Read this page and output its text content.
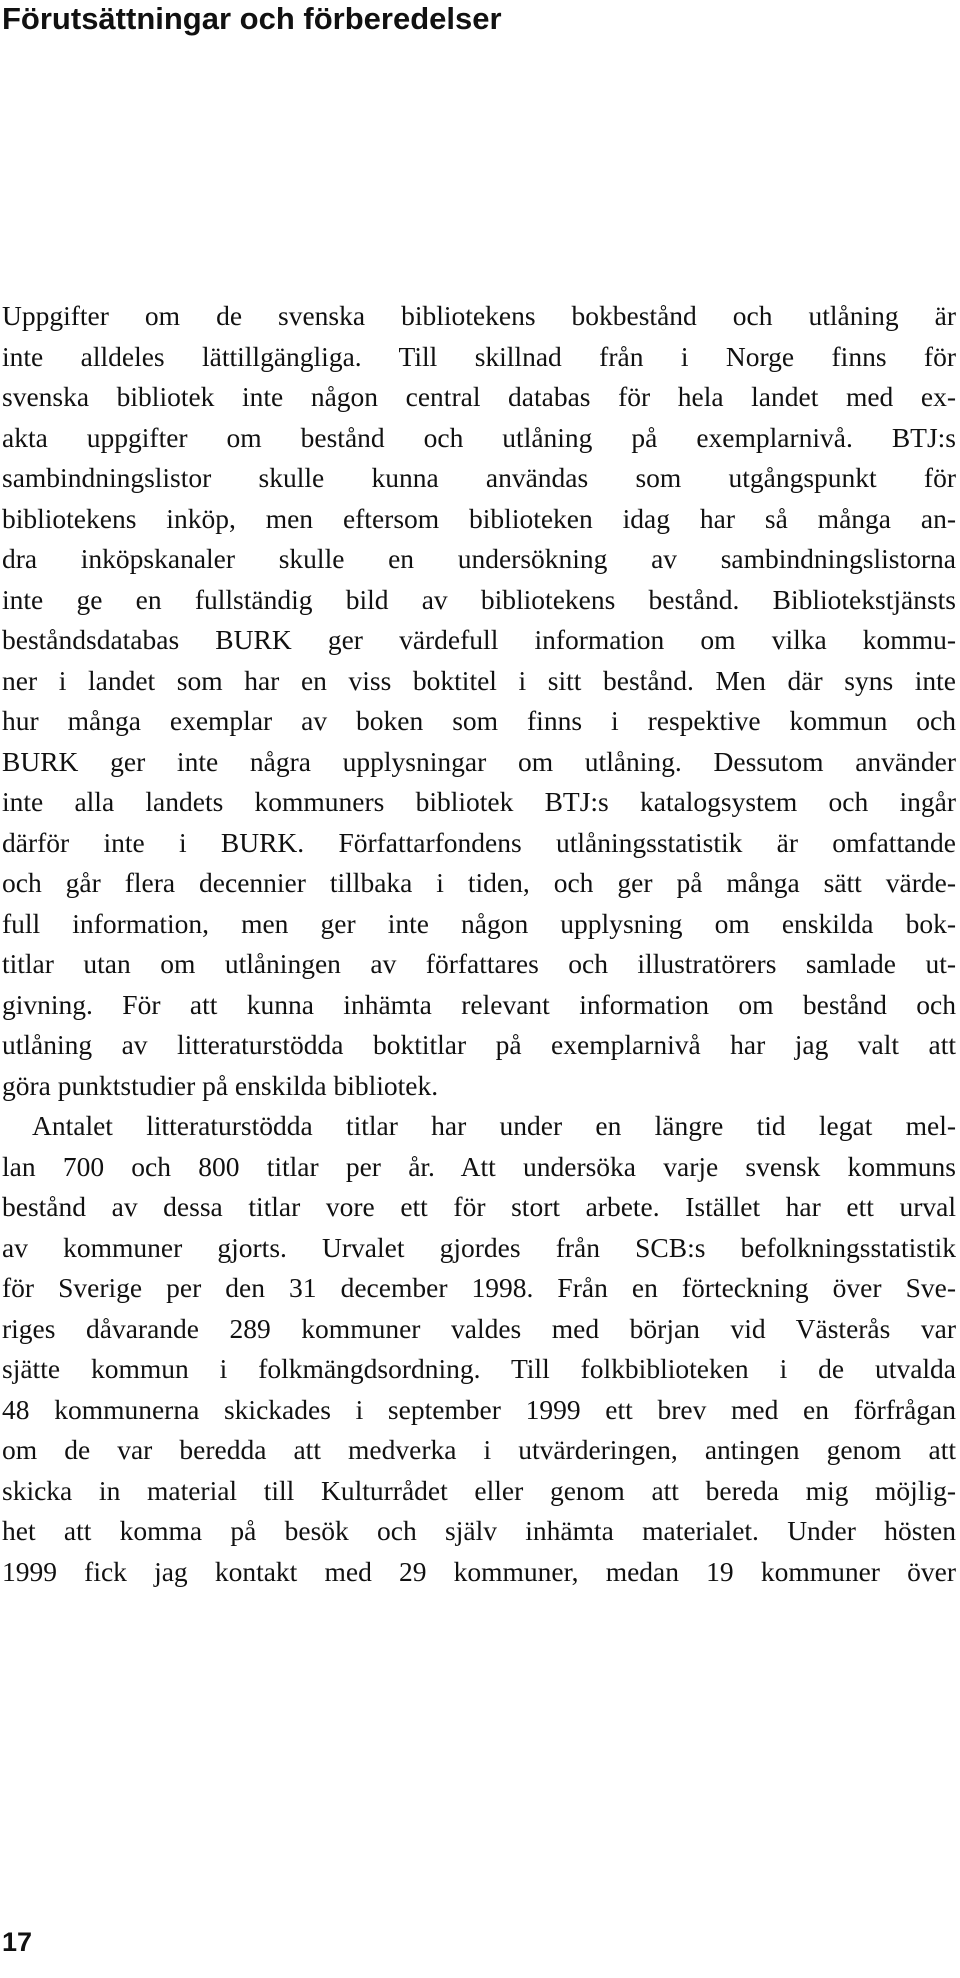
Förutsättningar och förberedelser

Uppgifter om de svenska bibliotekens bokbestånd och utlåning är
inte alldeles lättillgängliga. Till skillnad från i Norge finns för
svenska bibliotek inte någon central databas för hela landet med ex-
akta uppgifter om bestånd och utlåning på exemplarnivå. BTJ:s
sambindningslistor skulle kunna användas som utgångspunkt för
bibliotekens inköp, men eftersom biblioteken idag har så många an-
dra inköpskanaler skulle en undersökning av sambindningslistorna
inte ge en fullständig bild av bibliotekens bestånd. Bibliotekstjänsts
beståndsdatabas BURK ger värdefull information om vilka kommu-
ner i landet som har en viss boktitel i sitt bestånd. Men där syns inte
hur många exemplar av boken som finns i respektive kommun och
BURK ger inte några upplysningar om utlåning. Dessutom använder
inte alla landets kommuners bibliotek BTJ:s katalogsystem och ingår
därför inte i BURK. Författarfondens utlåningsstatistik är omfattande
och går flera decennier tillbaka i tiden, och ger på många sätt värde-
full information, men ger inte någon upplysning om enskilda bok-
titlar utan om utlåningen av författares och illustratörers samlade ut-
givning. För att kunna inhämta relevant information om bestånd och
utlåning av litteraturstödda boktitlar på exemplarnivå har jag valt att
göra punktstudier på enskilda bibliotek.

Antalet litteraturstödda titlar har under en längre tid legat mel-
lan 700 och 800 titlar per år. Att undersöka varje svensk kommuns
bestånd av dessa titlar vore ett för stort arbete. Istället har ett urval
av kommuner gjorts. Urvalet gjordes från SCB:s befolkningsstatistik
för Sverige per den 31 december 1998. Från en förteckning över Sve-
riges dåvarande 289 kommuner valdes med början vid Västerås var
sjätte kommun i folkmängdsordning. Till folkbiblioteken i de utvalda
48 kommunerna skickades i september 1999 ett brev med en förfrågan
om de var beredda att medverka i utvärderingen, antingen genom att
skicka in material till Kulturrådet eller genom att bereda mig möjlig-
het att komma på besök och själv inhämta materialet. Under hösten
1999 fick jag kontakt med 29 kommuner, medan 19 kommuner över

17
